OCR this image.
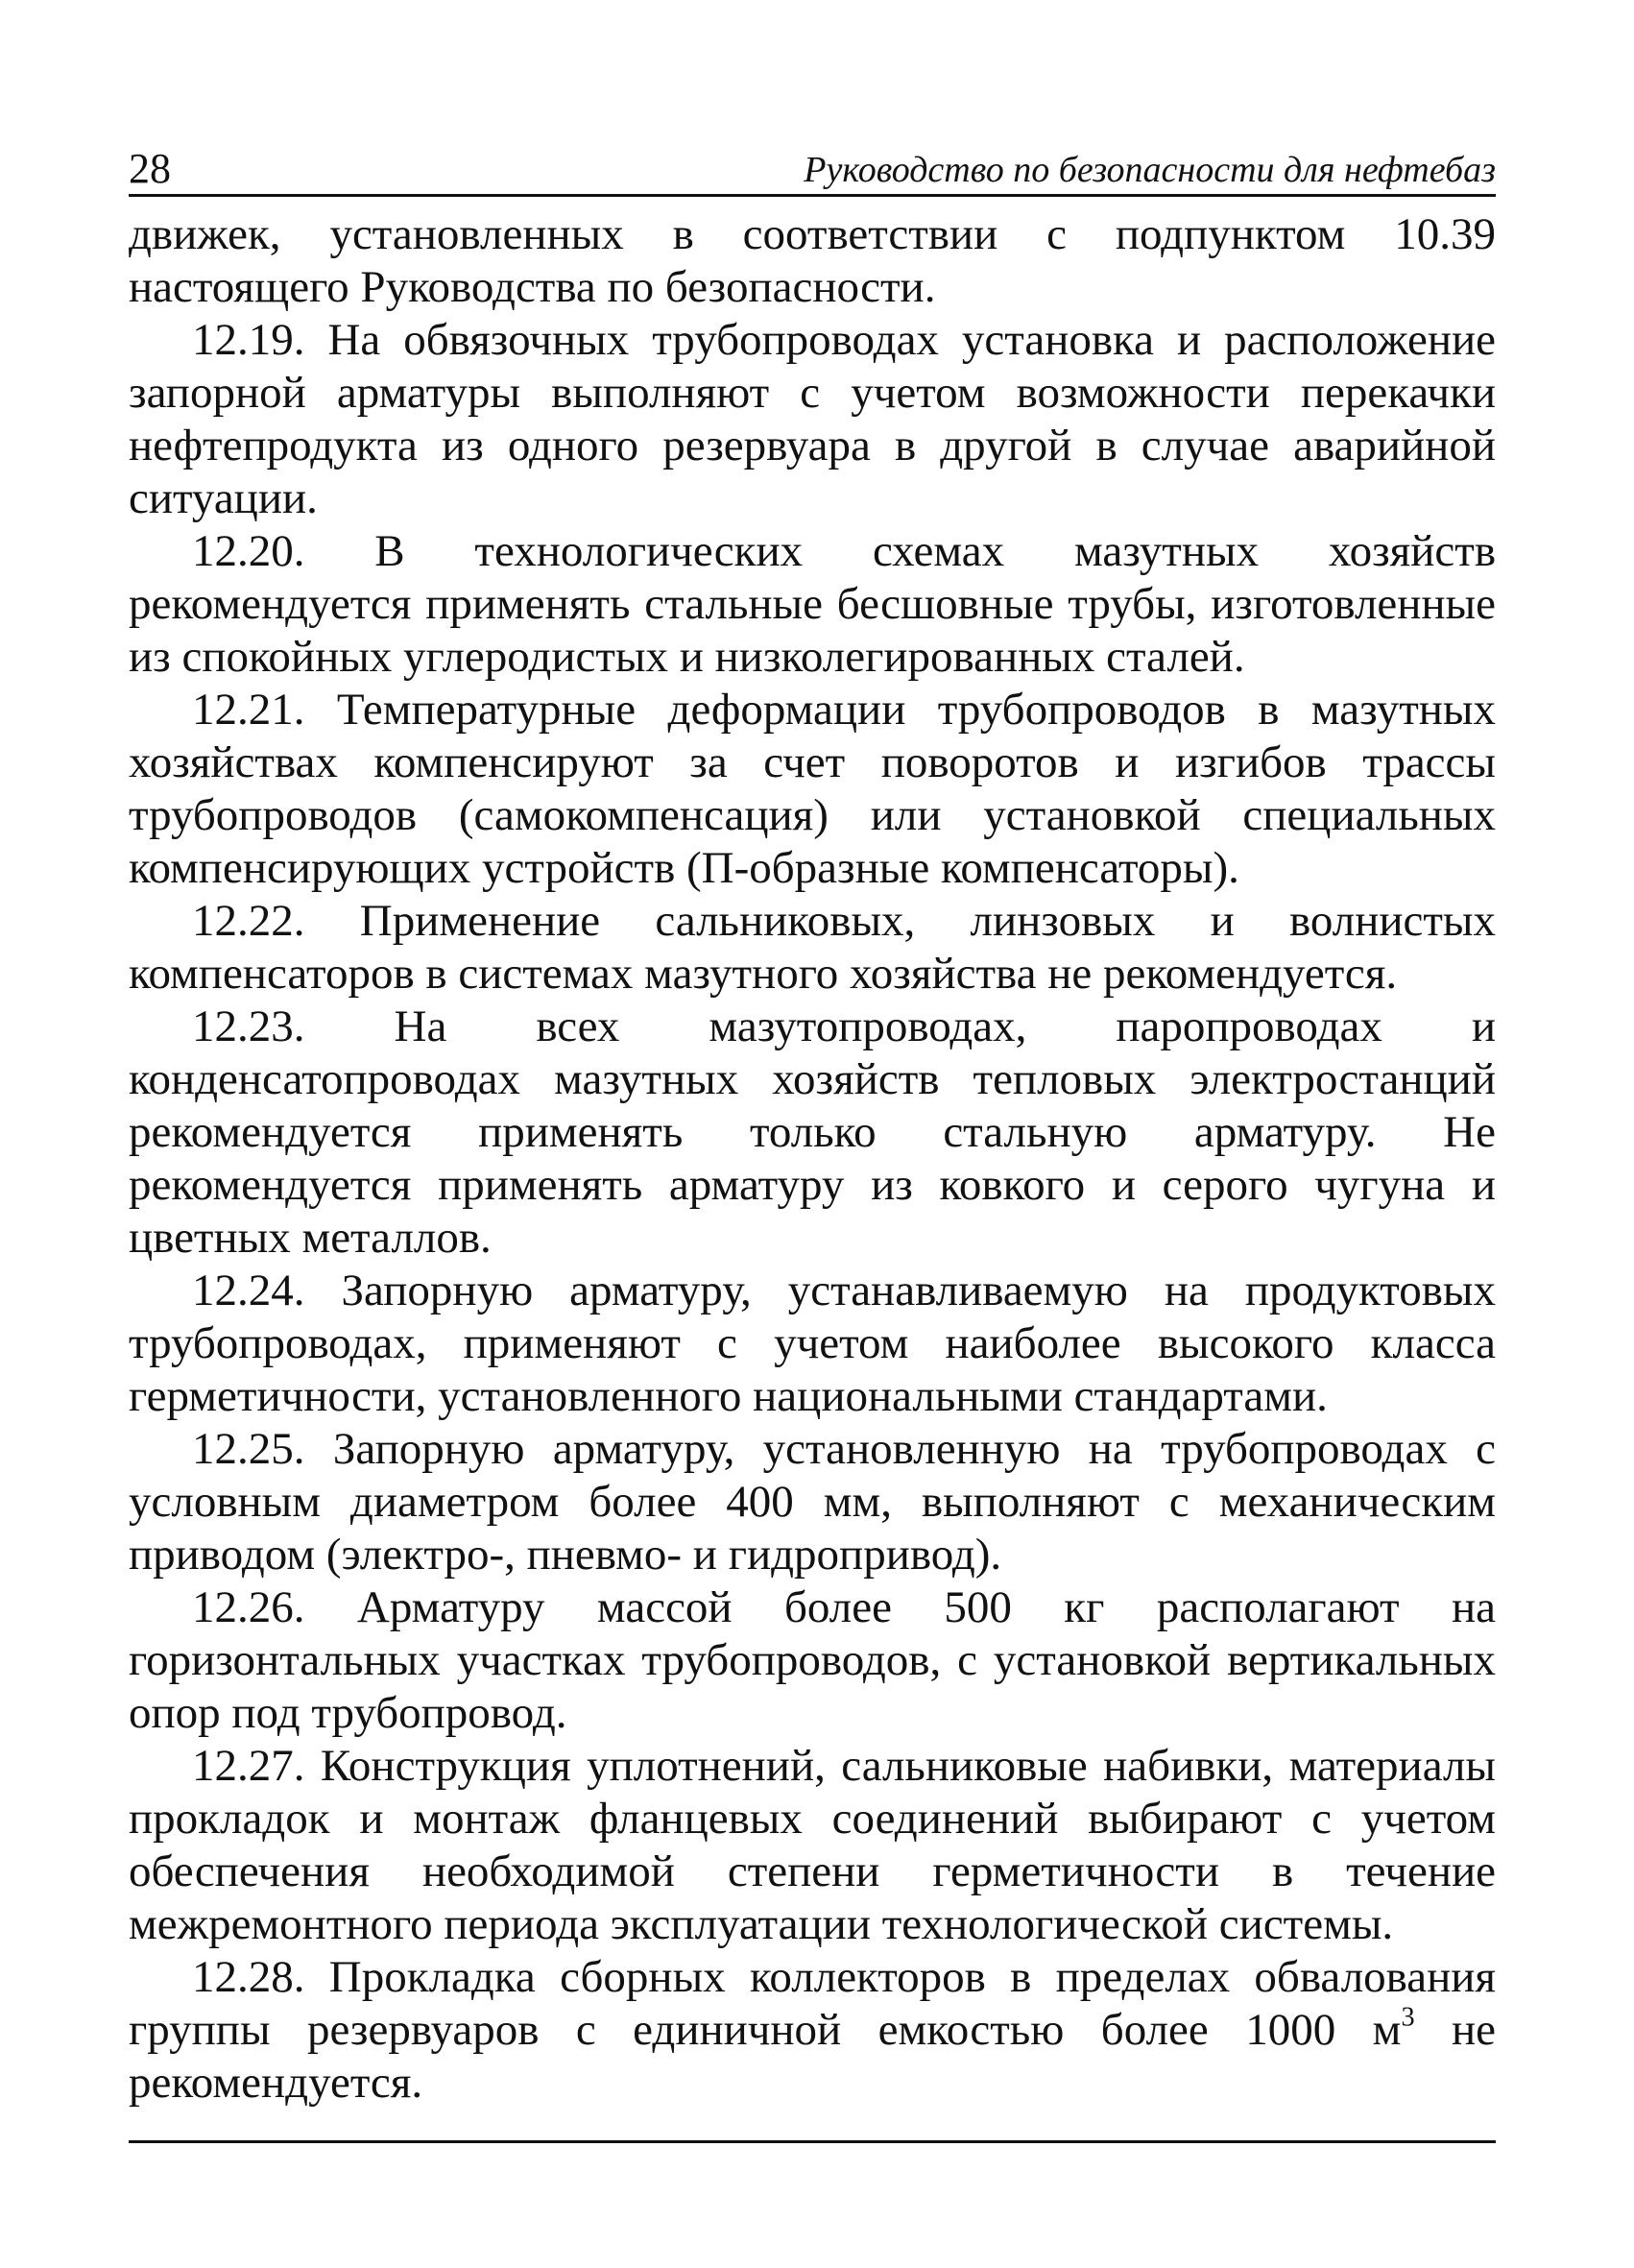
28	Руководство по безопасности для нефтебаз

движек, установленных в соответствии с подпунктом 10.39 настоящего Руководства по безопасности.

12.19. На обвязочных трубопроводах установка и расположение запорной арматуры выполняют с учетом возможности перекачки нефтепродукта из одного резервуара в другой в случае аварийной ситуации.

12.20. В технологических схемах мазутных хозяйств рекомендуется применять стальные бесшовные трубы, изготовленные из спокойных углеродистых и низколегированных сталей.

12.21. Температурные деформации трубопроводов в мазутных хозяйствах компенсируют за счет поворотов и изгибов трассы трубопроводов (самокомпенсация) или установкой специальных компенсирующих устройств (П-образные компенсаторы).

12.22. Применение сальниковых, линзовых и волнистых компенсаторов в системах мазутного хозяйства не рекомендуется.

12.23. На всех мазутопроводах, паропроводах и конденсатопроводах мазутных хозяйств тепловых электростанций рекомендуется применять только стальную арматуру. Не рекомендуется применять арматуру из ковкого и серого чугуна и цветных металлов.

12.24. Запорную арматуру, устанавливаемую на продуктовых трубопроводах, применяют с учетом наиболее высокого класса герметичности, установленного национальными стандартами.

12.25. Запорную арматуру, установленную на трубопроводах с условным диаметром более 400 мм, выполняют с механическим приводом (электро-, пневмо- и гидропривод).

12.26. Арматуру массой более 500 кг располагают на горизонтальных участках трубопроводов, с установкой вертикальных опор под трубопровод.

12.27. Конструкция уплотнений, сальниковые набивки, материалы прокладок и монтаж фланцевых соединений выбирают с учетом обеспечения необходимой степени герметичности в течение межремонтного периода эксплуатации технологической системы.

12.28. Прокладка сборных коллекторов в пределах обвалования группы резервуаров с единичной емкостью более 1000 $м^3$ не рекомендуется.
